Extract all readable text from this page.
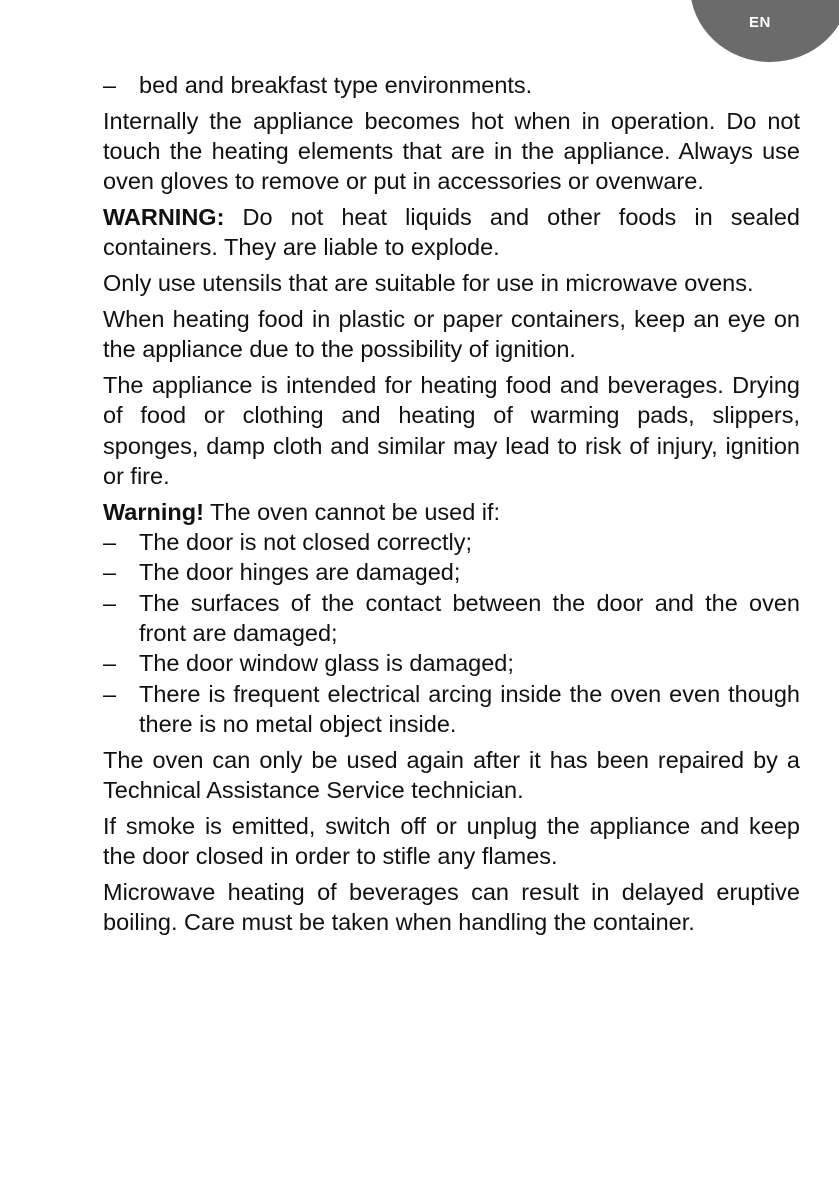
EN
– bed and breakfast type environments.

Internally the appliance becomes hot when in operation. Do not touch the heating elements that are in the appliance. Always use oven gloves to remove or put in accessories or ovenware.

WARNING: Do not heat liquids and other foods in sealed containers. They are liable to explode.

Only use utensils that are suitable for use in microwave ovens.

When heating food in plastic or paper containers, keep an eye on the appliance due to the possibility of ignition.

The appliance is intended for heating food and beverages. Drying of food or clothing and heating of warming pads, slippers, sponges, damp cloth and similar may lead to risk of injury, ignition or fire.

Warning! The oven cannot be used if:

– The door is not closed correctly;
– The door hinges are damaged;
– The surfaces of the contact between the door and the oven front are damaged;
– The door window glass is damaged;
– There is frequent electrical arcing inside the oven even though there is no metal object inside.

The oven can only be used again after it has been repaired by a Technical Assistance Service technician.

If smoke is emitted, switch off or unplug the appliance and keep the door closed in order to stifle any flames.

Microwave heating of beverages can result in delayed eruptive boiling. Care must be taken when handling the container.
